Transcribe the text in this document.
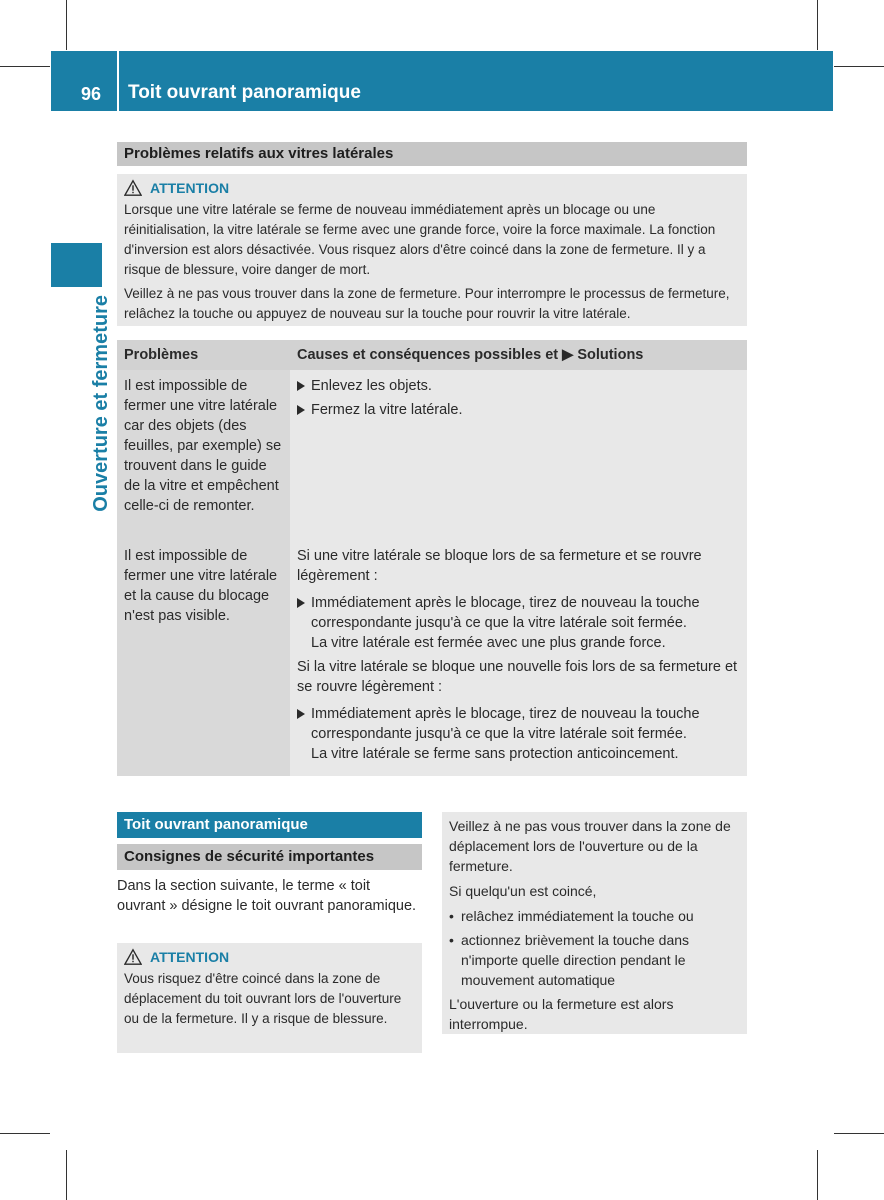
96 Toit ouvrant panoramique
Ouverture et fermeture
Problèmes relatifs aux vitres latérales
ATTENTION

Lorsque une vitre latérale se ferme de nouveau immédiatement après un blocage ou une réinitialisation, la vitre latérale se ferme avec une grande force, voire la force maximale. La fonction d'inversion est alors désactivée. Vous risquez alors d'être coincé dans la zone de fermeture. Il y a risque de blessure, voire danger de mort.

Veillez à ne pas vous trouver dans la zone de fermeture. Pour interrompre le processus de fermeture, relâchez la touche ou appuyez de nouveau sur la touche pour rouvrir la vitre latérale.

Problèmes	Causes et conséquences possibles et ▶ Solutions
Il est impossible de fermer une vitre latérale car des objets (des feuilles, par exemple) se trouvent dans le guide de la vitre et empêchent celle-ci de remonter.
Enlevez les objets.
Fermez la vitre latérale.
Il est impossible de fermer une vitre latérale et la cause du blocage n'est pas visible.

Si une vitre latérale se bloque lors de sa fermeture et se rouvre légèrement :

Immédiatement après le blocage, tirez de nouveau la touche correspondante jusqu'à ce que la vitre latérale soit fermée.
La vitre latérale est fermée avec une plus grande force.

Si la vitre latérale se bloque une nouvelle fois lors de sa fermeture et se rouvre légèrement :

Immédiatement après le blocage, tirez de nouveau la touche correspondante jusqu'à ce que la vitre latérale soit fermée.
La vitre latérale se ferme sans protection anticoincement.
Toit ouvrant panoramique
Consignes de sécurité importantes
Dans la section suivante, le terme « toit ouvrant » désigne le toit ouvrant panoramique.
ATTENTION

Vous risquez d'être coincé dans la zone de déplacement du toit ouvrant lors de l'ouverture ou de la fermeture. Il y a risque de blessure.

Veillez à ne pas vous trouver dans la zone de déplacement lors de l'ouverture ou de la fermeture.

Si quelqu'un est coincé,

• relâchez immédiatement la touche ou
• actionnez brièvement la touche dans n'importe quelle direction pendant le mouvement automatique

L'ouverture ou la fermeture est alors interrompue.
